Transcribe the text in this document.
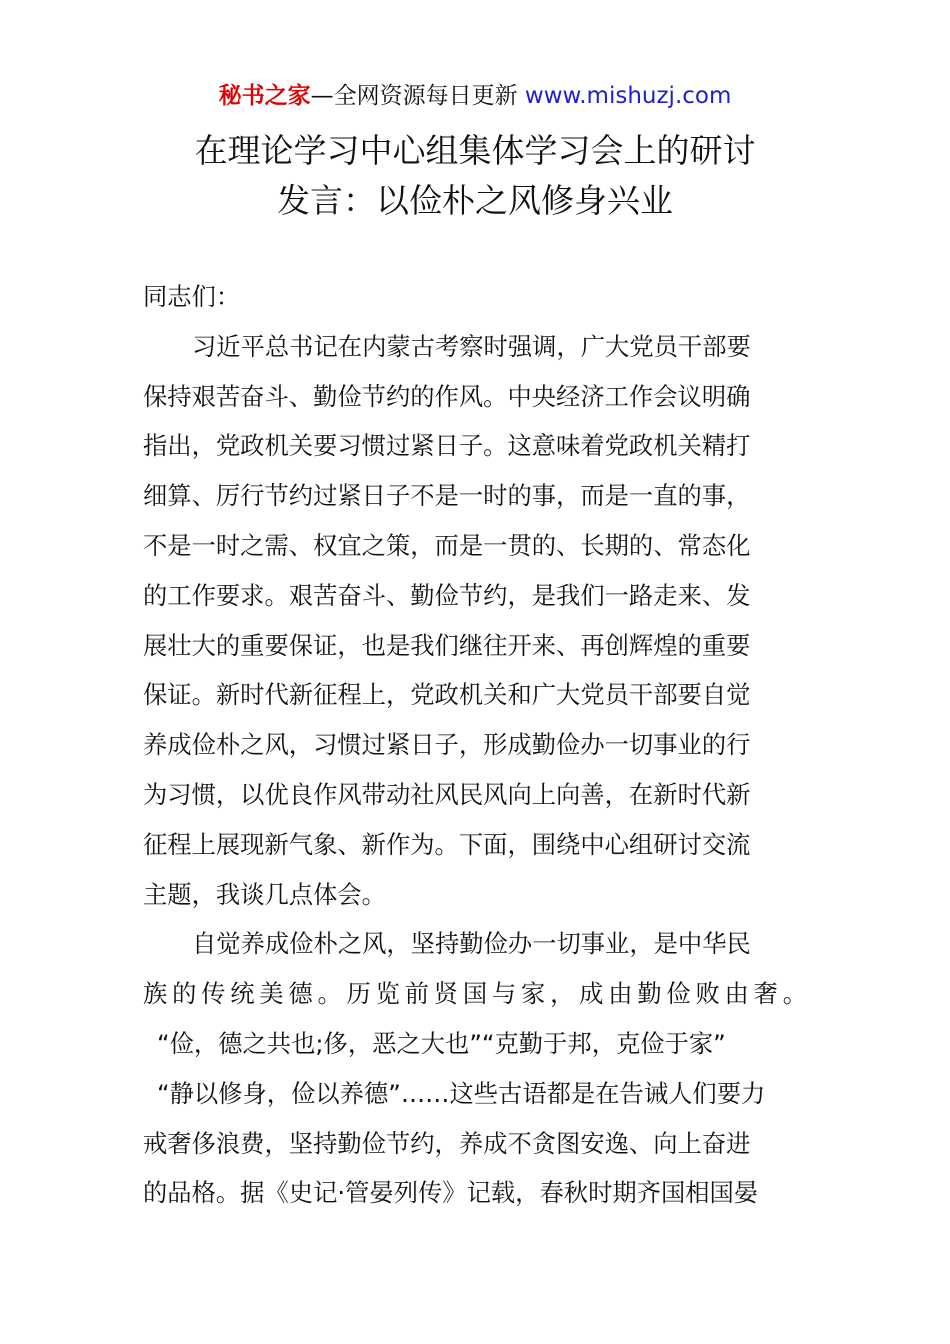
秘书之家—全网资源每日更新 www.mishuzj.com
在理论学习中心组集体学习会上的研讨
发言：以俭朴之风修身兴业
同志们：
习近平总书记在内蒙古考察时强调，广大党员干部要
保持艰苦奋斗、勤俭节约的作风。中央经济工作会议明确
指出，党政机关要习惯过紧日子。这意味着党政机关精打
细算、厉行节约过紧日子不是一时的事，而是一直的事，
不是一时之需、权宜之策，而是一贯的、长期的、常态化
的工作要求。艰苦奋斗、勤俭节约，是我们一路走来、发
展壮大的重要保证，也是我们继往开来、再创辉煌的重要
保证。新时代新征程上，党政机关和广大党员干部要自觉
养成俭朴之风，习惯过紧日子，形成勤俭办一切事业的行
为习惯，以优良作风带动社风民风向上向善，在新时代新
征程上展现新气象、新作为。下面，围绕中心组研讨交流
主题，我谈几点体会。
自觉养成俭朴之风，坚持勤俭办一切事业，是中华民
族的传统美德。历览前贤国与家，成由勤俭败由奢。
“俭，德之共也;侈，恶之大也”“克勤于邦，克俭于家”
“静以修身，俭以养德”……这些古语都是在告诫人们要力
戒奢侈浪费，坚持勤俭节约，养成不贪图安逸、向上奋进
的品格。据《史记·管晏列传》记载，春秋时期齐国相国晏
